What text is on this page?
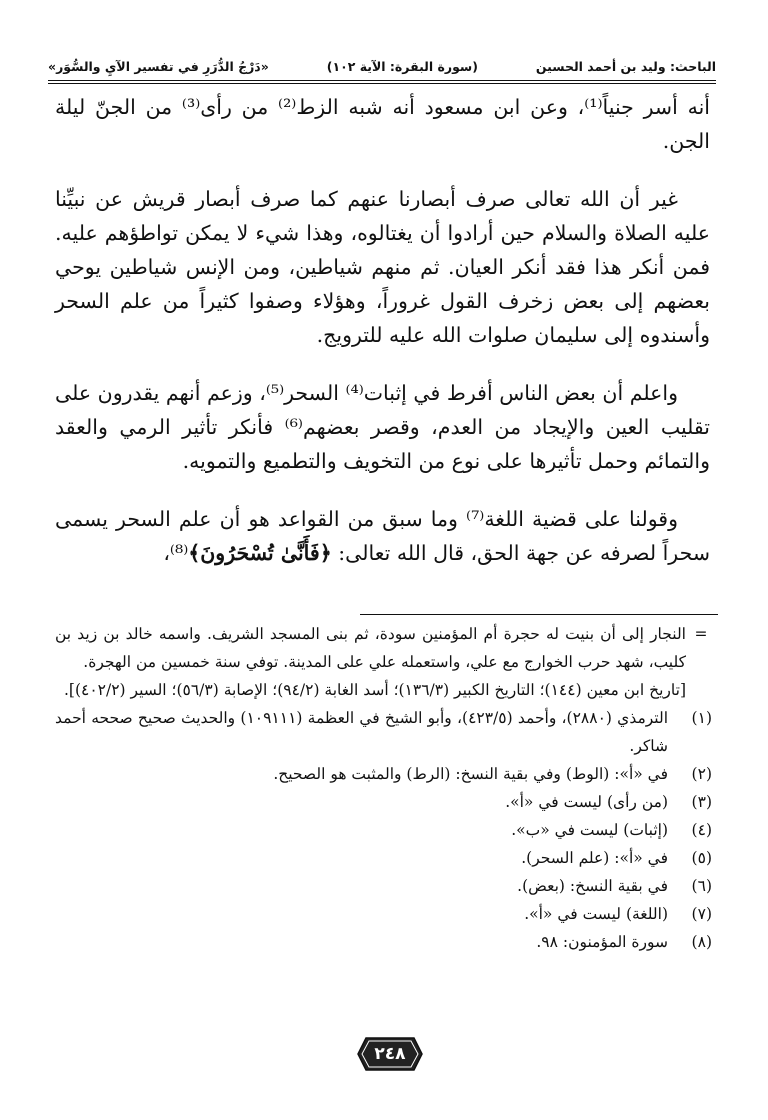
الباحث: وليد بن أحمد الحسين
(سورة البقرة: الآية ١٠٢)
«دَرْجُ الدُّرَرِ في تفسير الآيِ والسُّوَر»

أنه أسر جنياً⁽¹⁾، وعن ابن مسعود أنه شبه الزط⁽²⁾ من رأى⁽³⁾ من الجنّ ليلة الجن.

غير أن الله تعالى صرف أبصارنا عنهم كما صرف أبصار قريش عن نبيِّنا عليه الصلاة والسلام حين أرادوا أن يغتالوه، وهذا شيء لا يمكن تواطؤهم عليه. فمن أنكر هذا فقد أنكر العيان. ثم منهم شياطين، ومن الإنس شياطين يوحي بعضهم إلى بعض زخرف القول غروراً، وهؤلاء وصفوا كثيراً من علم السحر وأسندوه إلى سليمان صلوات الله عليه للترويج.

واعلم أن بعض الناس أفرط في إثبات⁽⁴⁾ السحر⁽⁵⁾، وزعم أنهم يقدرون على تقليب العين والإيجاد من العدم، وقصر بعضهم⁽⁶⁾ فأنكر تأثير الرمي والعقد والتمائم وحمل تأثيرها على نوع من التخويف والتطميع والتمويه.

وقولنا على قضية اللغة⁽⁷⁾ وما سبق من القواعد هو أن علم السحر يسمى سحراً لصرفه عن جهة الحق، قال الله تعالى: ﴿فَأَنَّىٰ تُسْحَرُونَ﴾⁽⁸⁾،

=
النجار إلى أن بنيت له حجرة أم المؤمنين سودة، ثم بنى المسجد الشريف. واسمه خالد بن زيد بن كليب، شهد حرب الخوارج مع علي، واستعمله علي على المدينة. توفي سنة خمسين من الهجرة.
[تاريخ ابن معين (١٤٤)؛ التاريخ الكبير (١٣٦/٣)؛ أسد الغابة (٩٤/٢)؛ الإصابة (٥٦/٣)؛ السير (٤٠٢/٢)].
(١)
الترمذي (٢٨٨٠)، وأحمد (٤٢٣/٥)، وأبو الشيخ في العظمة (١٠٩١١١) والحديث صحيح صححه أحمد شاكر.
(٢)
في «أ»: (الوط) وفي بقية النسخ: (الرط) والمثبت هو الصحيح.
(٣)
(من رأى) ليست في «أ».
(٤)
(إثبات) ليست في «ب».
(٥)
في «أ»: (علم السحر).
(٦)
في بقية النسخ: (بعض).
(٧)
(اللغة) ليست في «أ».
(٨)
سورة المؤمنون: ٩٨.
٢٤٨
